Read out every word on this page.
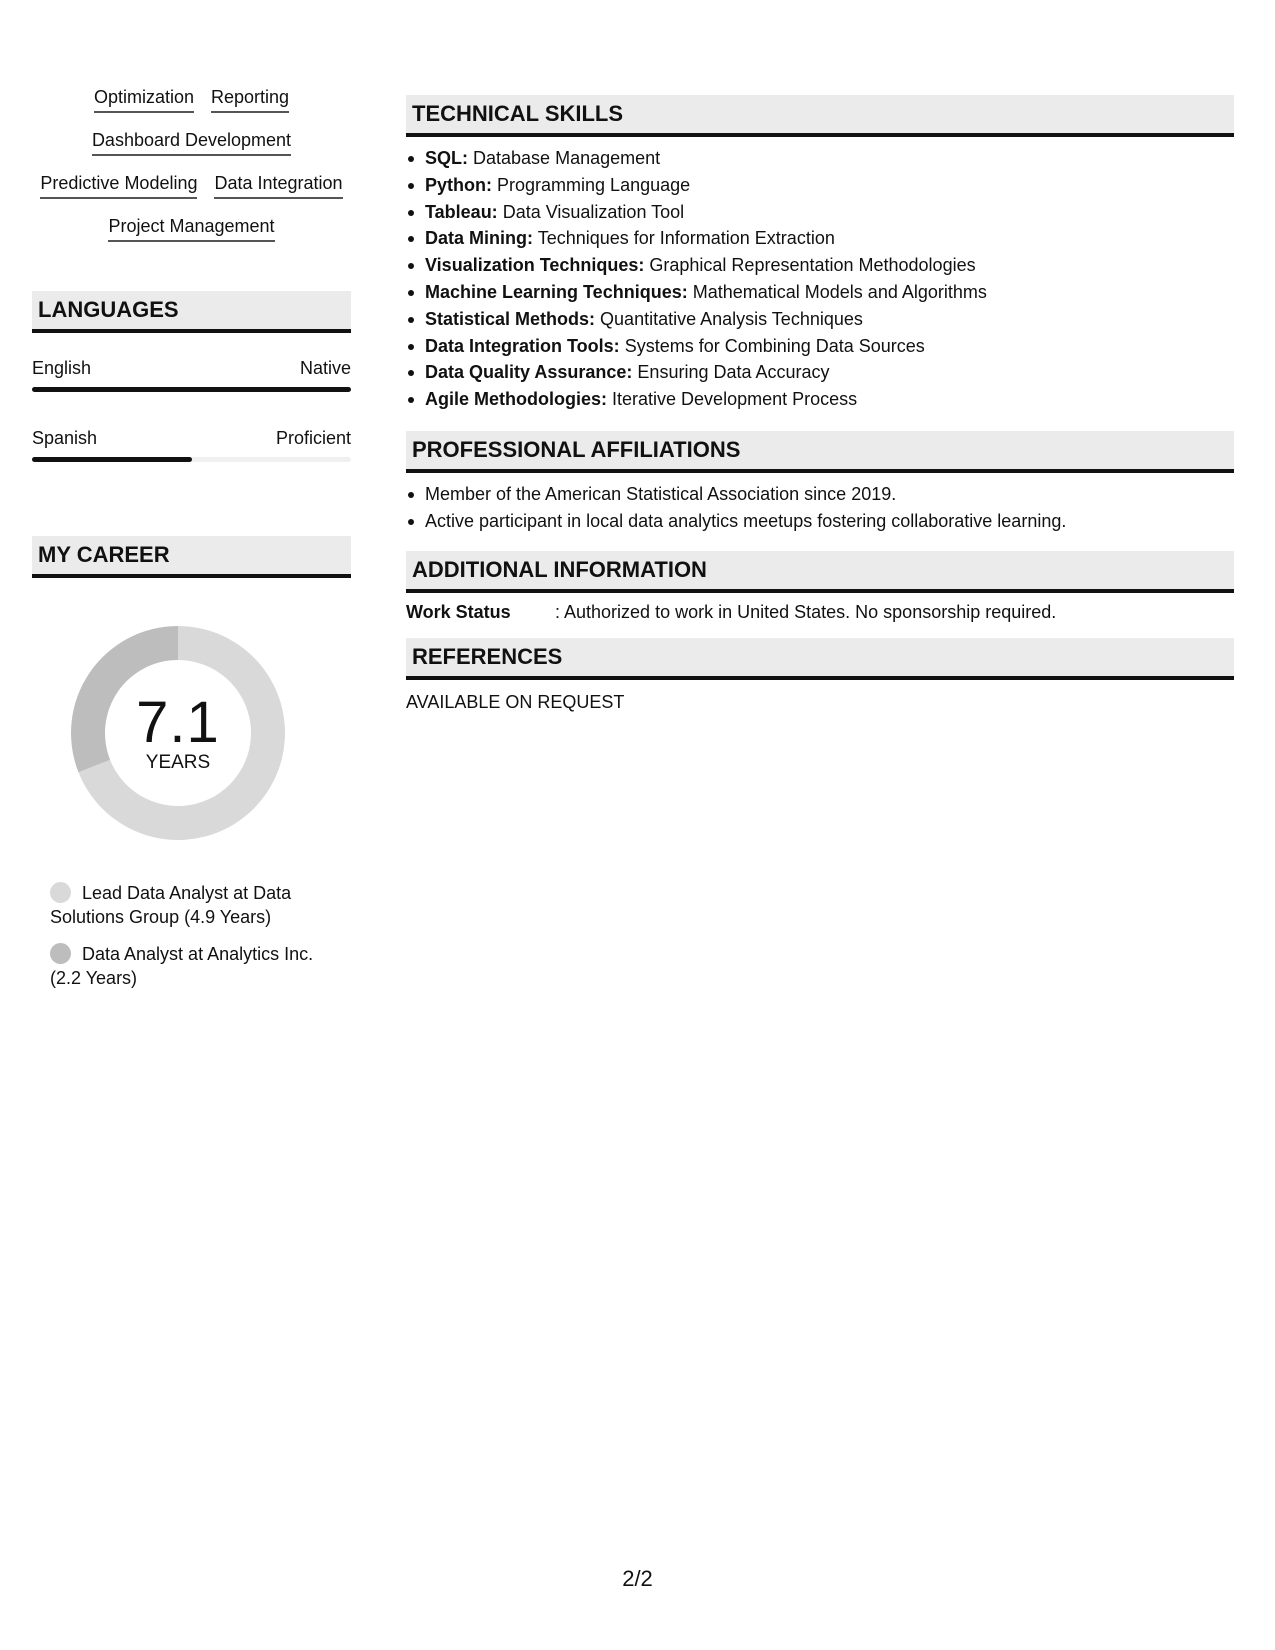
Optimization Reporting
Dashboard Development
Predictive Modeling Data Integration
Project Management
LANGUAGES
English	Native
Spanish	Proficient
MY CAREER
7.1
YEARS
Lead Data Analyst at Data Solutions Group (4.9 Years)
Data Analyst at Analytics Inc. (2.2 Years)
TECHNICAL SKILLS
SQL: Database Management
Python: Programming Language
Tableau: Data Visualization Tool
Data Mining: Techniques for Information Extraction
Visualization Techniques: Graphical Representation Methodologies
Machine Learning Techniques: Mathematical Models and Algorithms
Statistical Methods: Quantitative Analysis Techniques
Data Integration Tools: Systems for Combining Data Sources
Data Quality Assurance: Ensuring Data Accuracy
Agile Methodologies: Iterative Development Process
PROFESSIONAL AFFILIATIONS
Member of the American Statistical Association since 2019.
Active participant in local data analytics meetups fostering collaborative learning.
ADDITIONAL INFORMATION
Work Status	: Authorized to work in United States. No sponsorship required.
REFERENCES
AVAILABLE ON REQUEST
2/2
